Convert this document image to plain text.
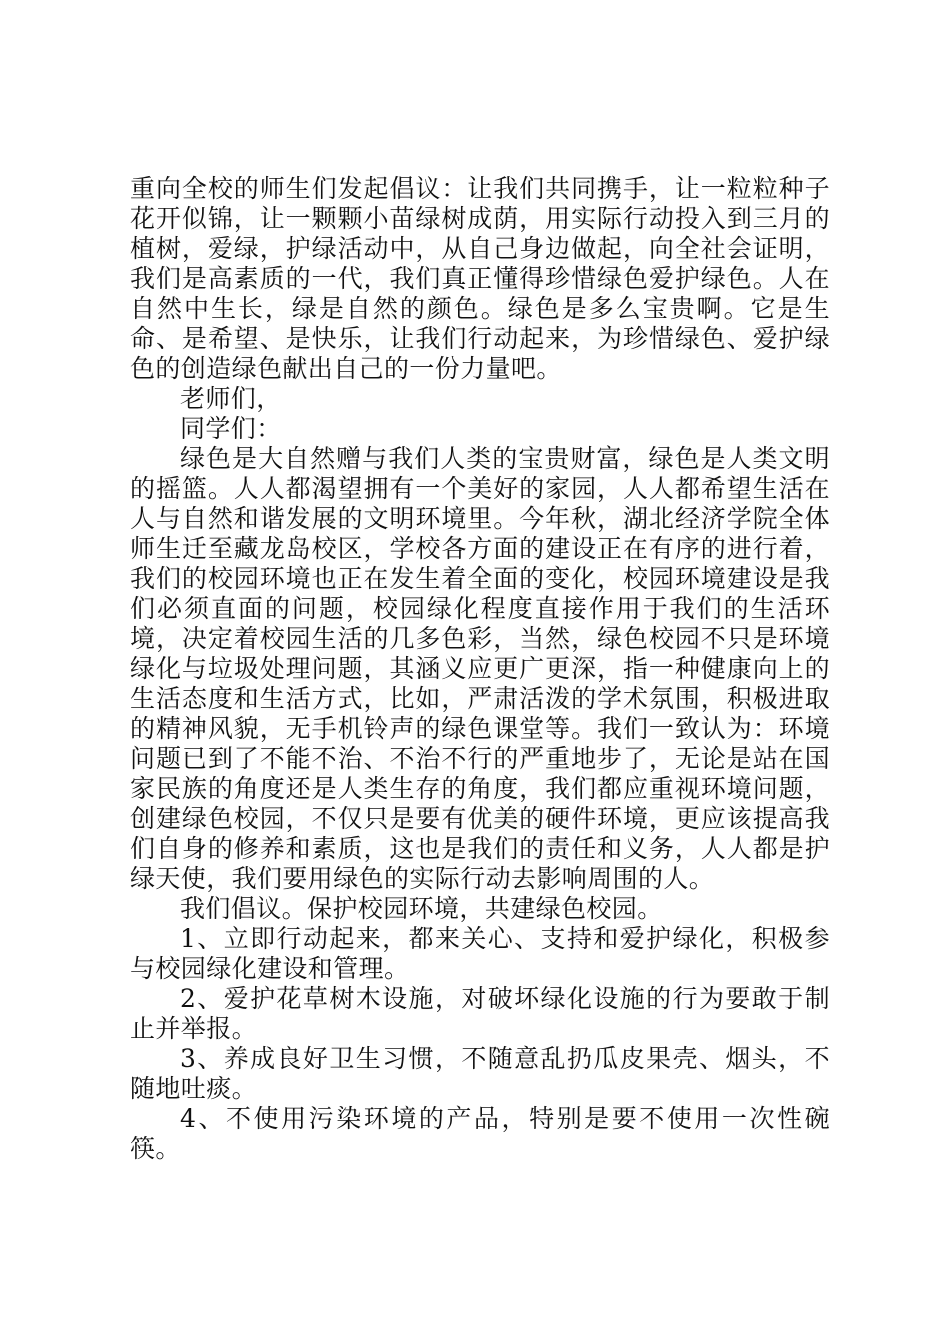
重向全校的师生们发起倡议：让我们共同携手，让一粒粒种子花开似锦，让一颗颗小苗绿树成荫，用实际行动投入到三月的植树，爱绿，护绿活动中，从自己身边做起，向全社会证明，我们是高素质的一代，我们真正懂得珍惜绿色爱护绿色。人在自然中生长，绿是自然的颜色。绿色是多么宝贵啊。它是生命、是希望、是快乐，让我们行动起来，为珍惜绿色、爱护绿色的创造绿色献出自己的一份力量吧。

老师们，

同学们：

绿色是大自然赠与我们人类的宝贵财富，绿色是人类文明的摇篮。人人都渴望拥有一个美好的家园，人人都希望生活在人与自然和谐发展的文明环境里。今年秋，湖北经济学院全体师生迁至藏龙岛校区，学校各方面的建设正在有序的进行着，我们的校园环境也正在发生着全面的变化，校园环境建设是我们必须直面的问题，校园绿化程度直接作用于我们的生活环境，决定着校园生活的几多色彩，当然，绿色校园不只是环境绿化与垃圾处理问题，其涵义应更广更深，指一种健康向上的生活态度和生活方式，比如，严肃活泼的学术氛围，积极进取的精神风貌，无手机铃声的绿色课堂等。我们一致认为：环境问题已到了不能不治、不治不行的严重地步了，无论是站在国家民族的角度还是人类生存的角度，我们都应重视环境问题，创建绿色校园，不仅只是要有优美的硬件环境，更应该提高我们自身的修养和素质，这也是我们的责任和义务，人人都是护绿天使，我们要用绿色的实际行动去影响周围的人。

我们倡议。保护校园环境，共建绿色校园。

1、立即行动起来，都来关心、支持和爱护绿化，积极参与校园绿化建设和管理。

2、爱护花草树木设施，对破坏绿化设施的行为要敢于制止并举报。

3、养成良好卫生习惯，不随意乱扔瓜皮果壳、烟头，不随地吐痰。

4、不使用污染环境的产品，特别是要不使用一次性碗筷。
